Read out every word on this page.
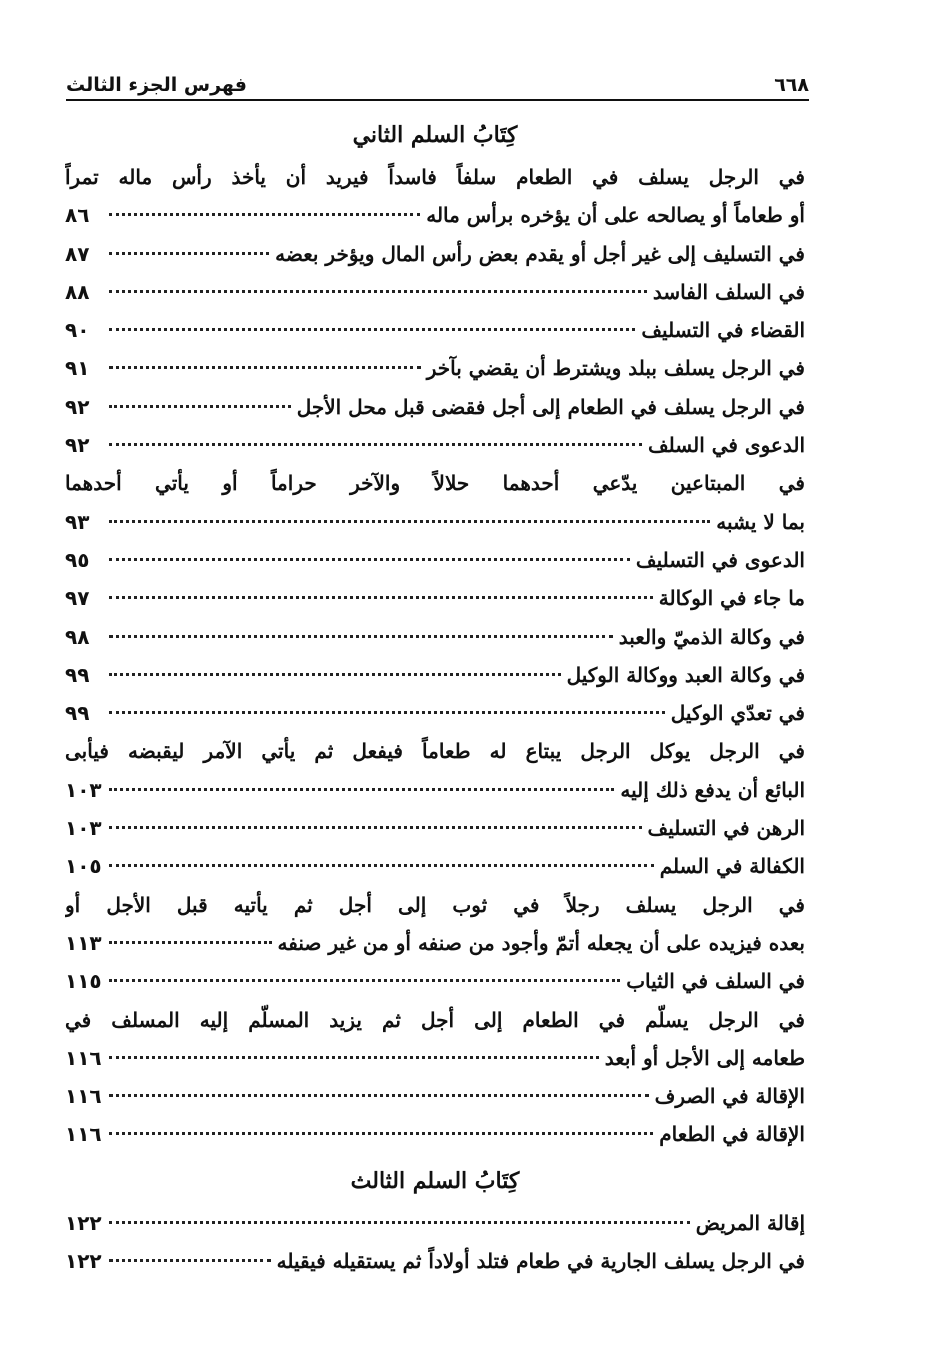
٦٦٨
فهرس الجزء الثالث
كِتَابُ السلم الثاني
في الرجل يسلف في الطعام سلفاً فاسداً فيريد أن يأخذ رأس ماله تمراً
أو طعاماً أو يصالحه على أن يؤخره برأس ماله
٨٦
في التسليف إلى غير أجل أو يقدم بعض رأس المال ويؤخر بعضه
٨٧
في السلف الفاسد
٨٨
القضاء في التسليف
٩٠
في الرجل يسلف ببلد ويشترط أن يقضي بآخر
٩١
في الرجل يسلف في الطعام إلى أجل فقضى قبل محل الأجل
٩٢
الدعوى في السلف
٩٢
في المبتاعين يدّعي أحدهما حلالاً والآخر حراماً أو يأتي أحدهما
بما لا يشبه
٩٣
الدعوى في التسليف
٩٥
ما جاء في الوكالة
٩٧
في وكالة الذميّ والعبد
٩٨
في وكالة العبد ووكالة الوكيل
٩٩
في تعدّي الوكيل
٩٩
في الرجل يوكل الرجل يبتاع له طعاماً فيفعل ثم يأتي الآمر ليقبضه فيأبى
البائع أن يدفع ذلك إليه
١٠٣
الرهن في التسليف
١٠٣
الكفالة في السلم
١٠٥
في الرجل يسلف رجلاً في ثوب إلى أجل ثم يأتيه قبل الأجل أو
بعده فيزيده على أن يجعله أتمّ وأجود من صنفه أو من غير صنفه
١١٣
في السلف في الثياب
١١٥
في الرجل يسلّم في الطعام إلى أجل ثم يزيد المسلّم إليه المسلف في
طعامه إلى الأجل أو أبعد
١١٦
الإقالة في الصرف
١١٦
الإقالة في الطعام
١١٦
كِتَابُ السلم الثالث
إقالة المريض
١٢٢
في الرجل يسلف الجارية في طعام فتلد أولاداً ثم يستقيله فيقيله
١٢٢
